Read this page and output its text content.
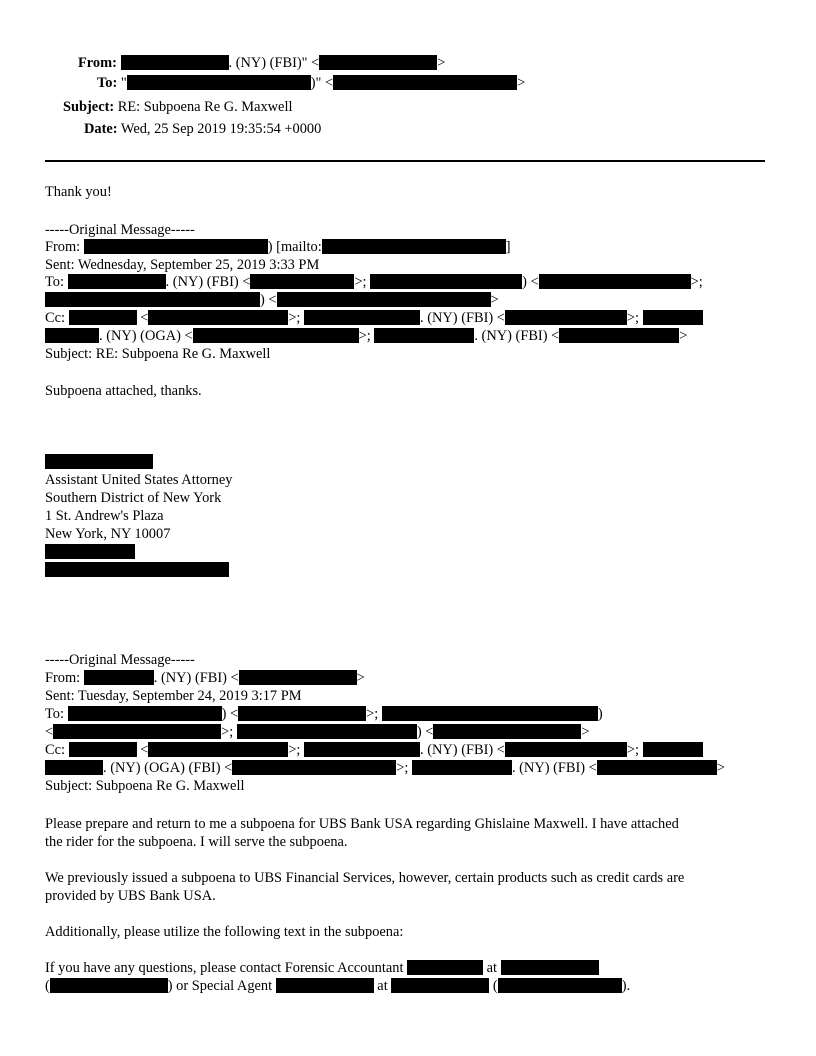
From:	. (NY) (FBI)" <	>
To: "	)" <	>
Subject: RE: Subpoena Re G. Maxwell
Date: Wed, 25 Sep 2019 19:35:54 +0000
Thank you!
-----Original Message-----
From:	) [mailto:	]
Sent: Wednesday, September 25, 2019 3:33 PM
To:	. (NY) (FBI) <	>;	) <	>;
) <	>
Cc:	<	>;	. (NY) (FBI) <	>;
. (NY) (OGA) <	>;	. (NY) (FBI) <	>
Subject: RE: Subpoena Re G. Maxwell
Subpoena attached, thanks.
Assistant United States Attorney
Southern District of New York
1 St. Andrew's Plaza
New York, NY 10007
-----Original Message-----
From:	. (NY) (FBI) <	>
Sent: Tuesday, September 24, 2019 3:17 PM
To:	) <	>;	)
<	>;	) <	>
Cc:	<	>;	. (NY) (FBI) <	>;
. (NY) (OGA) (FBI) <	>;	. (NY) (FBI) <	>
Subject: Subpoena Re G. Maxwell
Please prepare and return to me a subpoena for UBS Bank USA regarding Ghislaine Maxwell. I have attached
the rider for the subpoena. I will serve the subpoena.
We previously issued a subpoena to UBS Financial Services, however, certain products such as credit cards are
provided by UBS Bank USA.
Additionally, please utilize the following text in the subpoena:
If you have any questions, please contact Forensic Accountant	at
(	) or Special Agent	at	(	).
